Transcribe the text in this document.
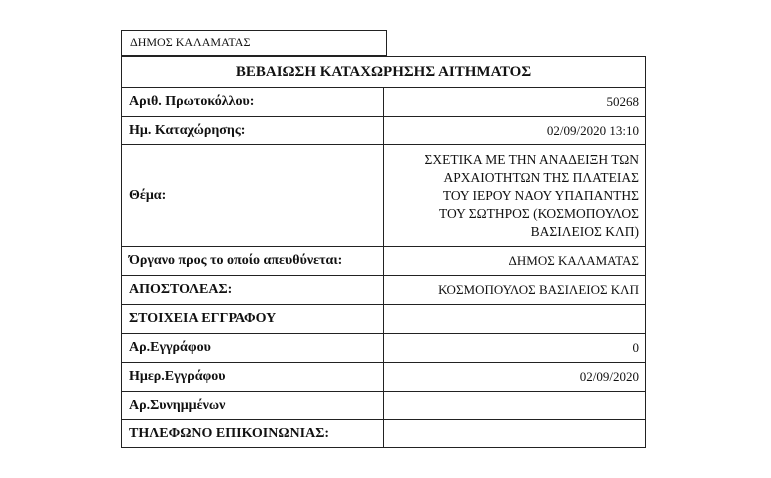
ΔΗΜΟΣ ΚΑΛΑΜΑΤΑΣ
ΒΕΒΑΙΩΣΗ ΚΑΤΑΧΩΡΗΣΗΣ ΑΙΤΗΜΑΤΟΣ	
Αριθ. Πρωτοκόλλου:	50268
Ημ. Καταχώρησης:	02/09/2020 13:10
Θέμα:	ΣΧΕΤΙΚΑ ΜΕ ΤΗΝ ΑΝΑΔΕΙΞΗ ΤΩΝ
ΑΡΧΑΙΟΤΗΤΩΝ ΤΗΣ ΠΛΑΤΕΙΑΣ
ΤΟΥ ΙΕΡΟΥ ΝΑΟΥ ΥΠΑΠΑΝΤΗΣ
ΤΟΥ ΣΩΤΗΡΟΣ (ΚΟΣΜΟΠΟΥΛΟΣ
ΒΑΣΙΛΕΙΟΣ ΚΛΠ)

Όργανο προς το οποίο απευθύνεται:	ΔΗΜΟΣ ΚΑΛΑΜΑΤΑΣ
ΑΠΟΣΤΟΛΕΑΣ:	ΚΟΣΜΟΠΟΥΛΟΣ ΒΑΣΙΛΕΙΟΣ ΚΛΠ
ΣΤΟΙΧΕΙΑ ΕΓΓΡΑΦΟΥ	
Αρ.Εγγράφου	0
Ημερ.Εγγράφου	02/09/2020
Αρ.Συνημμένων	
ΤΗΛΕΦΩΝΟ ΕΠΙΚΟΙΝΩΝΙΑΣ:	
